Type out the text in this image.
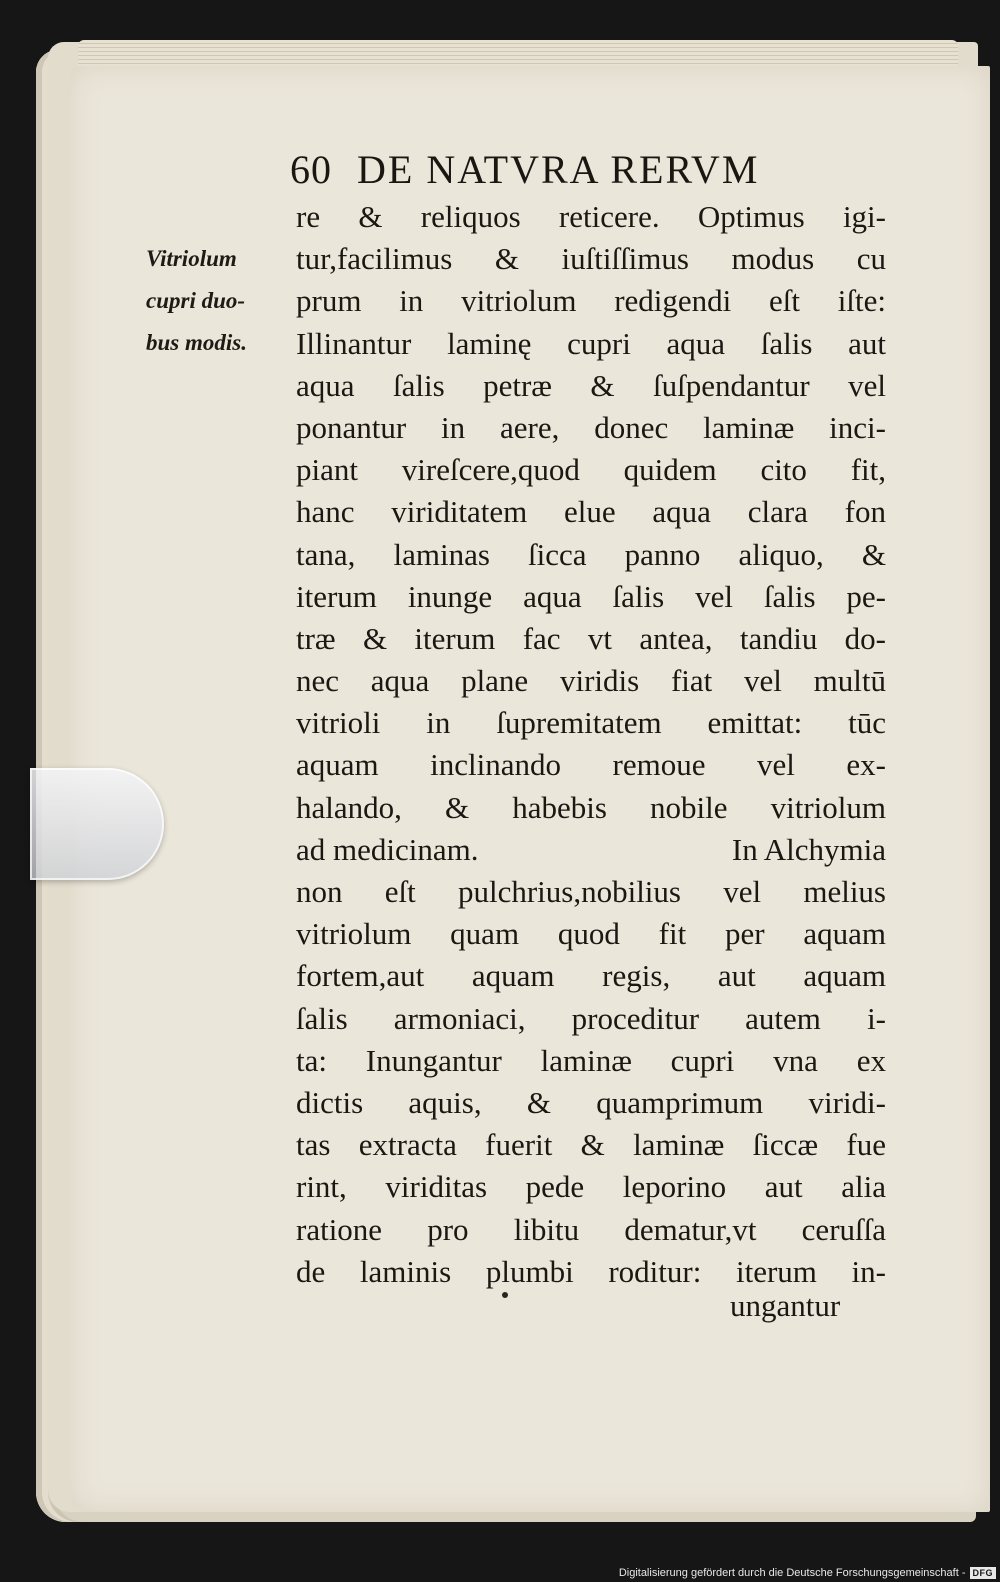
60 DE NATVRA RERVM
Vitriolum
cupri duo-
bus modis.
re & reliquos reticere. Optimus igi-
tur,facilimus & iuſtiſſimus modus cu
prum in vitriolum redigendi eſt iſte:
Illinantur laminę cupri aqua ſalis aut
aqua ſalis petræ & ſuſpendantur vel
ponantur in aere, donec laminæ inci-
piant vireſcere,quod quidem cito fit,
hanc viriditatem elue aqua clara fon
tana, laminas ſicca panno aliquo, &
iterum inunge aqua ſalis vel ſalis pe-
træ & iterum fac vt antea, tandiu do-
nec aqua plane viridis fiat vel multū
vitrioli in ſupremitatem emittat: tūc
aquam inclinando remoue vel ex-
halando, & habebis nobile vitriolum
ad medicinam.	In Alchymia
non eſt pulchrius,nobilius vel melius
vitriolum quam quod fit per aquam
fortem,aut aquam regis, aut aquam
ſalis armoniaci, proceditur autem i-
ta: Inungantur laminæ cupri vna ex
dictis aquis, & quamprimum viridi-
tas extracta fuerit & laminæ ſiccæ fue
rint, viriditas pede leporino aut alia
ratione pro libitu dematur,vt ceruſſa
de laminis plumbi roditur: iterum in-
ungantur
Digitalisierung gefördert durch die Deutsche Forschungsgemeinschaft - DFG
